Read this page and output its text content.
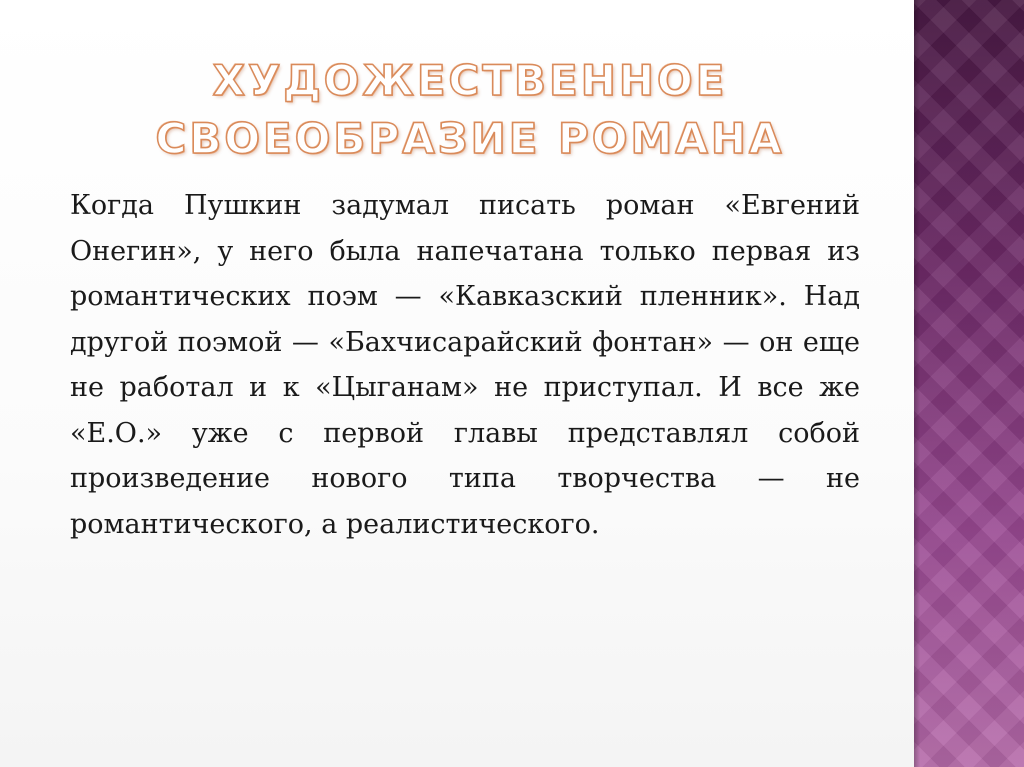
ХУДОЖЕСТВЕННОЕ СВОЕОБРАЗИЕ РОМАНА

Когда Пушкин задумал писать роман «Евгений Онегин», у него была напечатана только первая из романтических поэм — «Кавказский пленник». Над другой поэмой — «Бахчисарайский фонтан» — он еще не работал и к «Цыганам» не приступал. И все же «Е.О.» уже с первой главы представлял собой произведение нового типа творчества — не романтического, а реалистического.
